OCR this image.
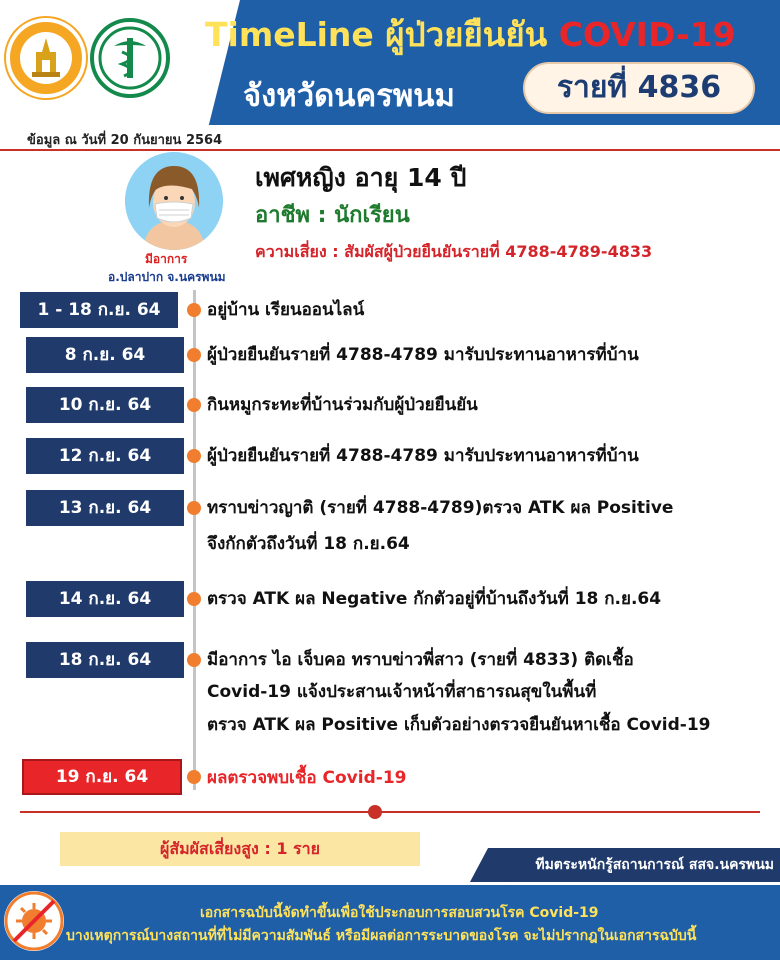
TimeLine ผู้ป่วยยืนยัน COVID-19
จังหวัดนครพนม	รายที่ 4836
ข้อมูล ณ วันที่ 20 กันยายน 2564
มีอาการ
อ.ปลาปาก จ.นครพนม
เพศหญิง อายุ 14 ปี
อาชีพ : นักเรียน
ความเสี่ยง : สัมผัสผู้ป่วยยืนยันรายที่ 4788-4789-4833
1 - 18 ก.ย. 64	อยู่บ้าน เรียนออนไลน์
8 ก.ย. 64	ผู้ป่วยยืนยันรายที่ 4788-4789 มารับประทานอาหารที่บ้าน
10 ก.ย. 64	กินหมูกระทะที่บ้านร่วมกับผู้ป่วยยืนยัน
12 ก.ย. 64	ผู้ป่วยยืนยันรายที่ 4788-4789 มารับประทานอาหารที่บ้าน
13 ก.ย. 64	ทราบข่าวญาติ (รายที่ 4788-4789)ตรวจ ATK ผล Positive
จึงกักตัวถึงวันที่ 18 ก.ย.64
14 ก.ย. 64	ตรวจ ATK ผล Negative กักตัวอยู่ที่บ้านถึงวันที่ 18 ก.ย.64
18 ก.ย. 64	มีอาการ ไอ เจ็บคอ ทราบข่าวพี่สาว (รายที่ 4833) ติดเชื้อ
Covid-19 แจ้งประสานเจ้าหน้าที่สาธารณสุขในพื้นที่
ตรวจ ATK ผล Positive เก็บตัวอย่างตรวจยืนยันหาเชื้อ Covid-19
19 ก.ย. 64	ผลตรวจพบเชื้อ Covid-19
ผู้สัมผัสเสี่ยงสูง : 1 ราย
ทีมตระหนักรู้สถานการณ์ สสจ.นครพนม
เอกสารฉบับนี้จัดทำขึ้นเพื่อใช้ประกอบการสอบสวนโรค Covid-19
บางเหตุการณ์บางสถานที่ที่ไม่มีความสัมพันธ์ หรือมีผลต่อการระบาดของโรค จะไม่ปรากฎในเอกสารฉบับนี้
